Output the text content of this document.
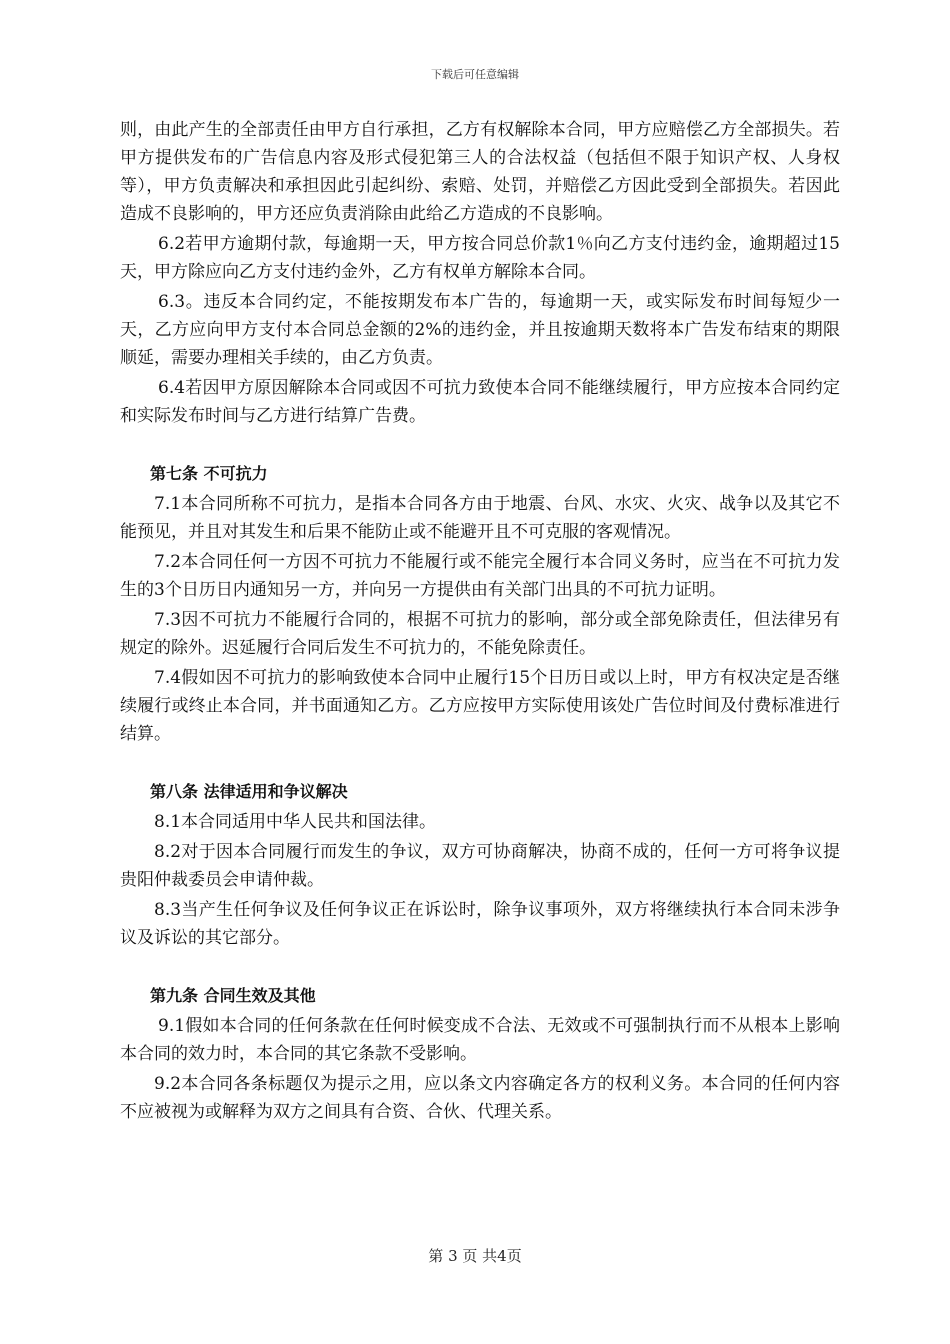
下载后可任意编辑

则，由此产生的全部责任由甲方自行承担，乙方有权解除本合同，甲方应赔偿乙方全部损失。若甲方提供发布的广告信息内容及形式侵犯第三人的合法权益（包括但不限于知识产权、人身权等），甲方负责解决和承担因此引起纠纷、索赔、处罚，并赔偿乙方因此受到全部损失。若因此造成不良影响的，甲方还应负责消除由此给乙方造成的不良影响。

6.2若甲方逾期付款，每逾期一天，甲方按合同总价款1％向乙方支付违约金，逾期超过15天，甲方除应向乙方支付违约金外，乙方有权单方解除本合同。

6.3。违反本合同约定，不能按期发布本广告的，每逾期一天，或实际发布时间每短少一天，乙方应向甲方支付本合同总金额的2%的违约金，并且按逾期天数将本广告发布结束的期限顺延，需要办理相关手续的，由乙方负责。

6.4若因甲方原因解除本合同或因不可抗力致使本合同不能继续履行，甲方应按本合同约定和实际发布时间与乙方进行结算广告费。

第七条 不可抗力

7.1本合同所称不可抗力，是指本合同各方由于地震、台风、水灾、火灾、战争以及其它不能预见，并且对其发生和后果不能防止或不能避开且不可克服的客观情况。

7.2本合同任何一方因不可抗力不能履行或不能完全履行本合同义务时，应当在不可抗力发生的3个日历日内通知另一方，并向另一方提供由有关部门出具的不可抗力证明。

7.3因不可抗力不能履行合同的，根据不可抗力的影响，部分或全部免除责任，但法律另有规定的除外。迟延履行合同后发生不可抗力的，不能免除责任。

7.4假如因不可抗力的影响致使本合同中止履行15个日历日或以上时，甲方有权决定是否继续履行或终止本合同，并书面通知乙方。乙方应按甲方实际使用该处广告位时间及付费标准进行结算。

第八条 法律适用和争议解决

8.1本合同适用中华人民共和国法律。

8.2对于因本合同履行而发生的争议，双方可协商解决，协商不成的，任何一方可将争议提贵阳仲裁委员会申请仲裁。

8.3当产生任何争议及任何争议正在诉讼时，除争议事项外，双方将继续执行本合同未涉争议及诉讼的其它部分。

第九条 合同生效及其他

9.1假如本合同的任何条款在任何时候变成不合法、无效或不可强制执行而不从根本上影响本合同的效力时，本合同的其它条款不受影响。

9.2本合同各条标题仅为提示之用，应以条文内容确定各方的权利义务。本合同的任何内容不应被视为或解释为双方之间具有合资、合伙、代理关系。

第 3 页 共4页
